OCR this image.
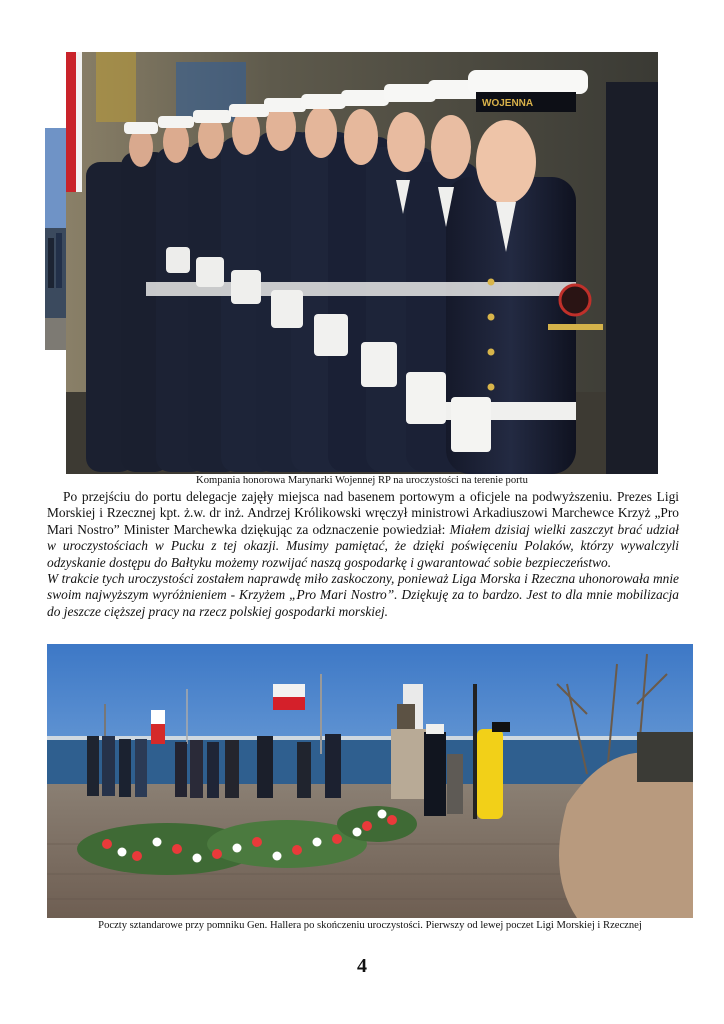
WOJENNA
Kompania honorowa Marynarki Wojennej RP na uroczystości na terenie portu

Po przejściu do portu delegacje zajęły miejsca nad basenem portowym a oficjele na podwyższeniu. Prezes Ligi Morskiej i Rzecznej kpt. ż.w. dr inż. Andrzej Królikowski wręczył ministrowi Arkadiuszowi Marchewce Krzyż „Pro Mari Nostro” Minister Marchewka dziękując za odznaczenie powiedział: Miałem dzisiaj wielki zaszczyt brać udział w uroczystościach w Pucku z tej okazji. Musimy pamiętać, że dzięki poświęceniu Polaków, którzy wywalczyli odzyskanie dostępu do Bałtyku możemy rozwijać naszą gospodarkę i gwarantować sobie bezpieczeństwo.

W trakcie tych uroczystości zostałem naprawdę miło zaskoczony, ponieważ Liga Morska i Rzeczna uhonorowała mnie swoim najwyższym wyróżnieniem - Krzyżem „Pro Mari Nostro”. Dziękuję za to bardzo. Jest to dla mnie mobilizacja do jeszcze cięższej pracy na rzecz polskiej gospodarki morskiej.

Poczty sztandarowe przy pomniku Gen. Hallera po skończeniu uroczystości. Pierwszy od lewej poczet Ligi Morskiej i Rzecznej
4
